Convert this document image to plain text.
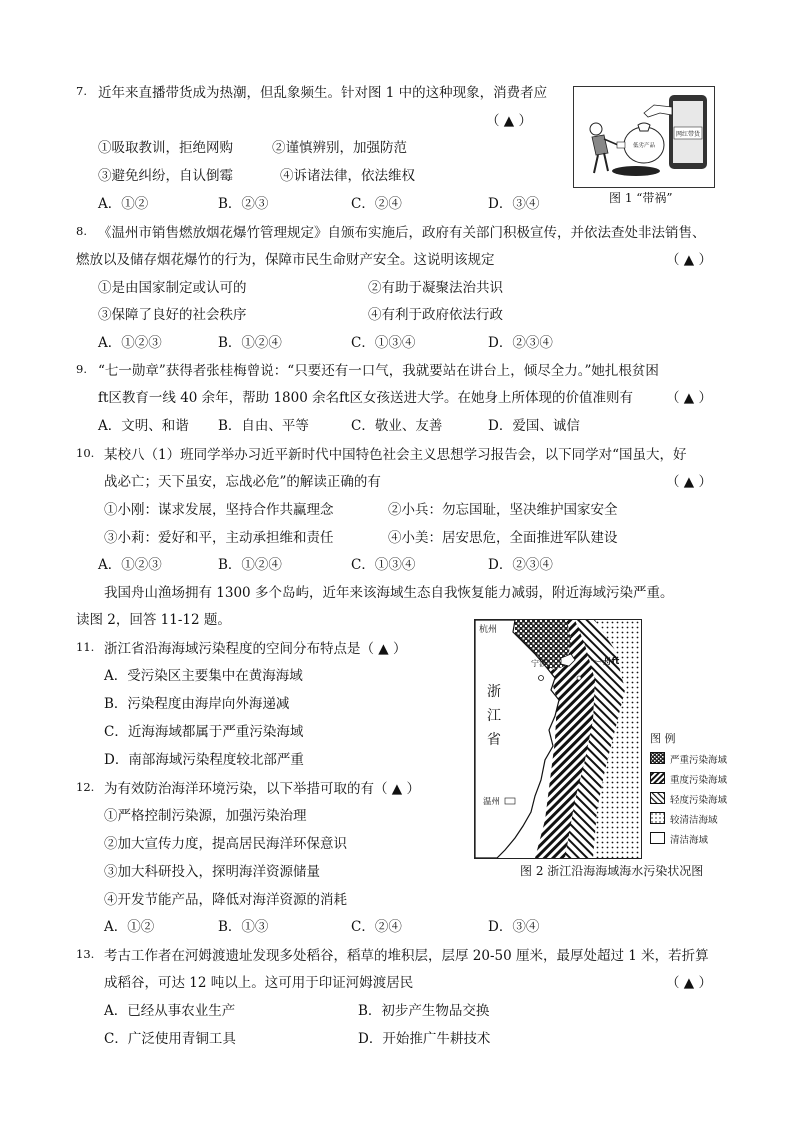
7. 近年来直播带货成为热潮，但乱象频生。针对图 1 中的这种现象，消费者应
（ ▲ ）
①吸取教训，拒绝网购	②谨慎辨别，加强防范
③避免纠纷，自认倒霉	④诉诸法律，依法维权
A．①②	B．②③	C．②④	D．③④
网红带货
低劣产品
图 1 “带祸”
8. 《温州市销售燃放烟花爆竹管理规定》自颁布实施后，政府有关部门积极宣传，并依法查处非法销售、
燃放以及储存烟花爆竹的行为，保障市民生命财产安全。这说明该规定	（ ▲ ）
①是由国家制定或认可的	②有助于凝聚法治共识
③保障了良好的社会秩序	④有利于政府依法行政
A．①②③	B．①②④	C．①③④	D．②③④
9. “七一勋章”获得者张桂梅曾说：“只要还有一口气，我就要站在讲台上，倾尽全力。”她扎根贫困
ft区教育一线 40 余年，帮助 1800 余名ft区女孩送进大学。在她身上所体现的价值准则有 （ ▲ ）
A．文明、和谐 B．自由、平等	C．敬业、友善	D．爱国、诚信
10. 某校八（1）班同学举办习近平新时代中国特色社会主义思想学习报告会，以下同学对“国虽大，好
战必亡；天下虽安，忘战必危”的解读正确的有	（ ▲ ）
①小刚：谋求发展，坚持合作共赢理念	②小兵：勿忘国耻，坚决维护国家安全
③小莉：爱好和平，主动承担维和责任	④小美：居安思危，全面推进军队建设
A．①②③	B．①②④	C．①③④	D．②③④
我国舟山渔场拥有 1300 多个岛屿，近年来该海域生态自我恢复能力减弱，附近海域污染严重。
读图 2，回答 11-12 题。
11. 浙江省沿海海域污染程度的空间分布特点是（ ▲ ）
A．受污染区主要集中在黄海海域
B．污染程度由海岸向外海递减
C．近海海域都属于严重污染海域
D．南部海域污染程度较北部严重
12. 为有效防治海洋环境污染，以下举措可取的有（ ▲ ）
①严格控制污染源，加强污染治理
②加大宣传力度，提高居民海洋环保意识
③加大科研投入，探明海洋资源储量
④开发节能产品，降低对海洋资源的消耗
A．①②	B．①③	C．②④	D．③④
杭州
宁波	舟ft
温州
浙
江
省	图 例
严重污染海域
重度污染海域
轻度污染海域
较清洁海域
清洁海域
图 2 浙江沿海海域海水污染状况图
13. 考古工作者在河姆渡遗址发现多处稻谷，稻草的堆积层，层厚 20-50 厘米，最厚处超过 1 米，若折算
成稻谷，可达 12 吨以上。这可用于印证河姆渡居民	（ ▲ ）
A．已经从事农业生产	B．初步产生物品交换
C．广泛使用青铜工具	D．开始推广牛耕技术
